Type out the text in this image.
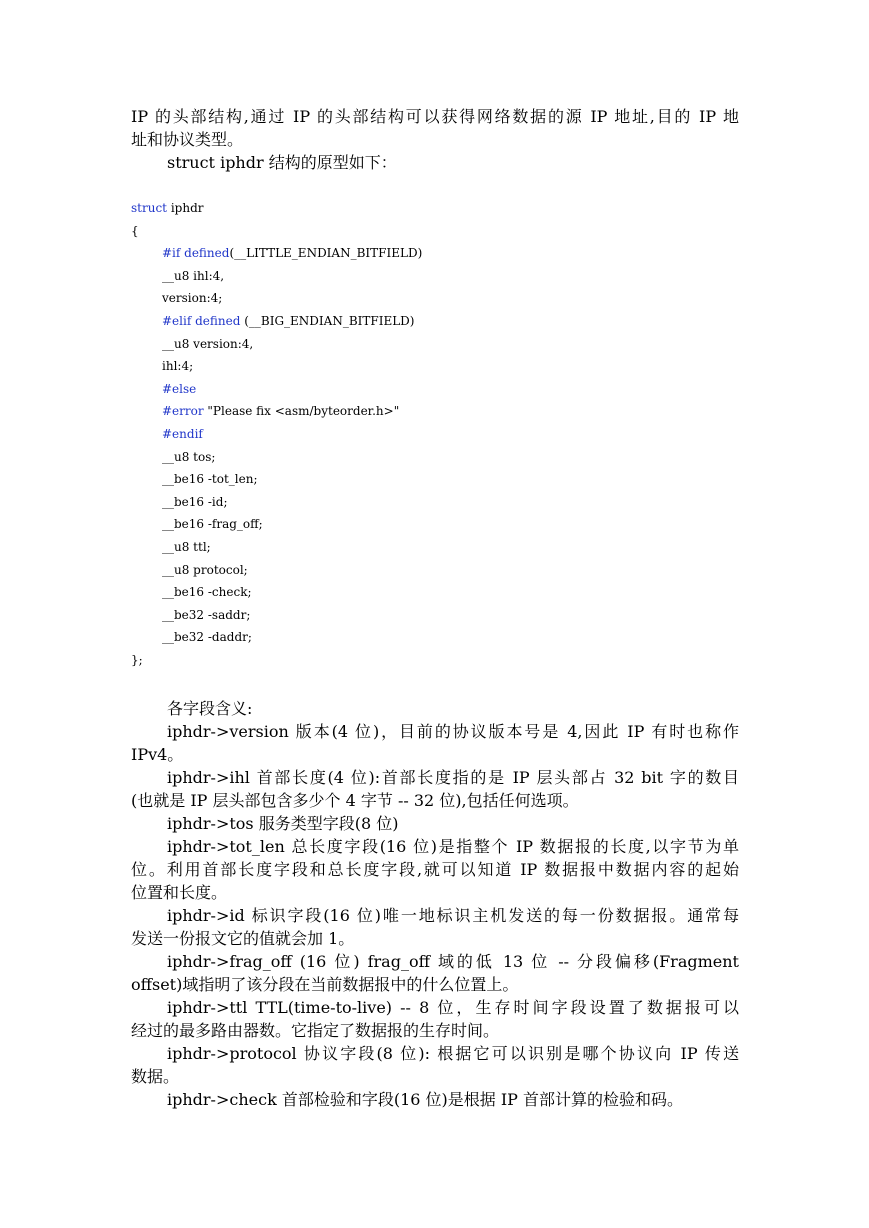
IP 的头部结构,通过 IP 的头部结构可以获得网络数据的源 IP 地址,目的 IP 地
址和协议类型。
struct iphdr 结构的原型如下：
struct iphdr
{
#if defined(__LITTLE_ENDIAN_BITFIELD)
__u8 ihl:4,
version:4;
#elif defined (__BIG_ENDIAN_BITFIELD)
__u8 version:4,
ihl:4;
#else
#error "Please fix <asm/byteorder.h>"
#endif
__u8 tos;
__be16 -tot_len;
__be16 -id;
__be16 -frag_off;
__u8 ttl;
__u8 protocol;
__be16 -check;
__be32 -saddr;
__be32 -daddr;
};
各字段含义:
iphdr->version 版本(4 位)，目前的协议版本号是 4,因此 IP 有时也称作
IPv4。
iphdr->ihl 首部长度(4 位):首部长度指的是 IP 层头部占 32 bit 字的数目
(也就是 IP 层头部包含多少个 4 字节 -- 32 位),包括任何选项。
iphdr->tos 服务类型字段(8 位)
iphdr->tot_len 总长度字段(16 位)是指整个 IP 数据报的长度,以字节为单
位。利用首部长度字段和总长度字段,就可以知道 IP 数据报中数据内容的起始
位置和长度。
iphdr->id 标识字段(16 位)唯一地标识主机发送的每一份数据报。通常每
发送一份报文它的值就会加 1。
iphdr->frag_off (16 位) frag_off 域的低 13 位 -- 分段偏移(Fragment
offset)域指明了该分段在当前数据报中的什么位置上。
iphdr->ttl TTL(time-to-live) -- 8 位，生存时间字段设置了数据报可以
经过的最多路由器数。它指定了数据报的生存时间。
iphdr->protocol 协议字段(8 位): 根据它可以识别是哪个协议向 IP 传送
数据。
iphdr->check 首部检验和字段(16 位)是根据 IP 首部计算的检验和码。
